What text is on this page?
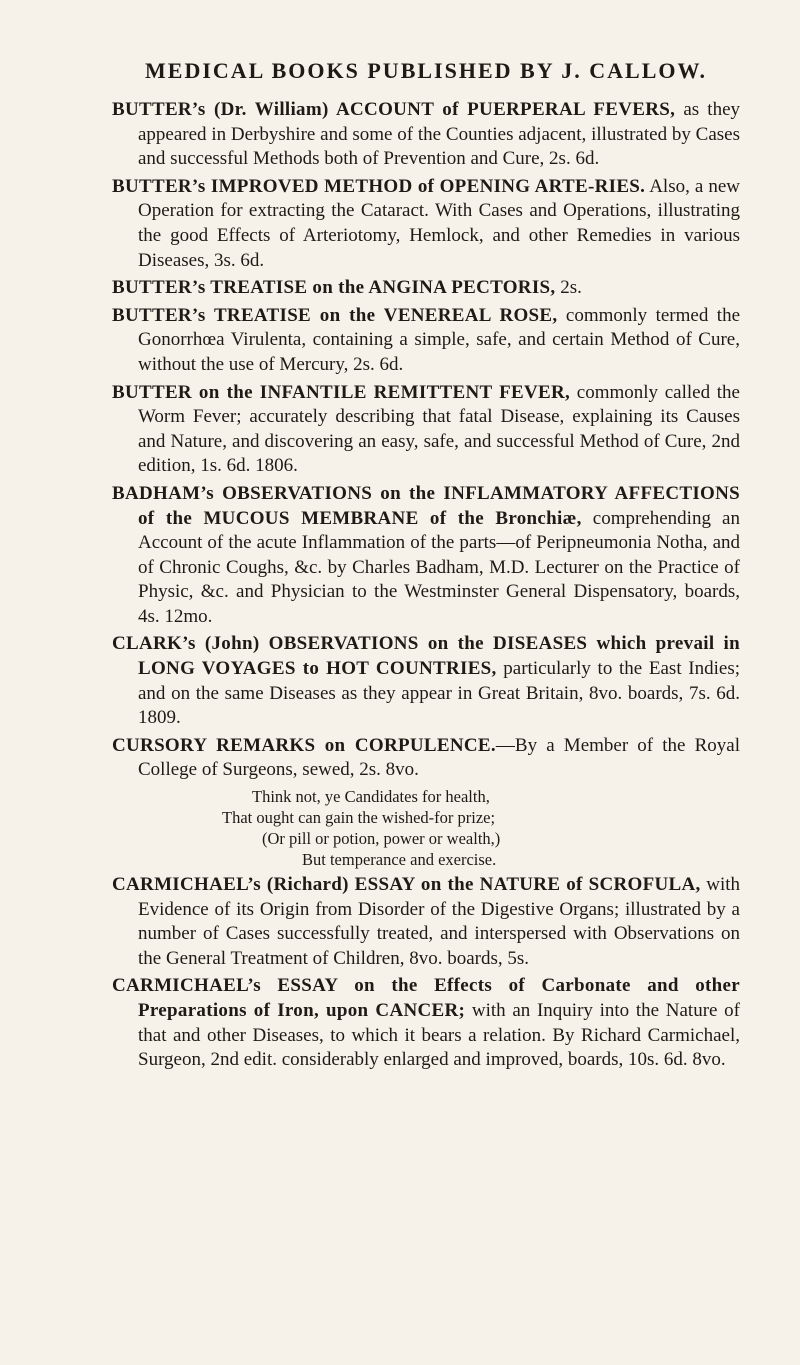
MEDICAL BOOKS PUBLISHED BY J. CALLOW.

BUTTER’s (Dr. William) ACCOUNT of PUERPERAL FEVERS, as they appeared in Derbyshire and some of the Counties adjacent, illustrated by Cases and successful Methods both of Prevention and Cure, 2s. 6d.

BUTTER’s IMPROVED METHOD of OPENING ARTE-RIES. Also, a new Operation for extracting the Cataract. With Cases and Operations, illustrating the good Effects of Arteriotomy, Hemlock, and other Remedies in various Diseases, 3s. 6d.

BUTTER’s TREATISE on the ANGINA PECTORIS, 2s.

BUTTER’s TREATISE on the VENEREAL ROSE, commonly termed the Gonorrhœa Virulenta, containing a simple, safe, and certain Method of Cure, without the use of Mercury, 2s. 6d.

BUTTER on the INFANTILE REMITTENT FEVER, commonly called the Worm Fever; accurately describing that fatal Disease, explaining its Causes and Nature, and discovering an easy, safe, and successful Method of Cure, 2nd edition, 1s. 6d. 1806.

BADHAM’s OBSERVATIONS on the INFLAMMATORY AFFECTIONS of the MUCOUS MEMBRANE of the Bronchiæ, comprehending an Account of the acute Inflammation of the parts—of Peripneumonia Notha, and of Chronic Coughs, &c. by Charles Badham, M.D. Lecturer on the Practice of Physic, &c. and Physician to the Westminster General Dispensatory, boards, 4s. 12mo.

CLARK’s (John) OBSERVATIONS on the DISEASES which prevail in LONG VOYAGES to HOT COUNTRIES, particularly to the East Indies; and on the same Diseases as they appear in Great Britain, 8vo. boards, 7s. 6d. 1809.

CURSORY REMARKS on CORPULENCE.—By a Member of the Royal College of Surgeons, sewed, 2s. 8vo.

Think not, ye Candidates for health,
That ought can gain the wished-for prize;
(Or pill or potion, power or wealth,)
But temperance and exercise.

CARMICHAEL’s (Richard) ESSAY on the NATURE of SCROFULA, with Evidence of its Origin from Disorder of the Digestive Organs; illustrated by a number of Cases successfully treated, and interspersed with Observations on the General Treatment of Children, 8vo. boards, 5s.

CARMICHAEL’s ESSAY on the Effects of Carbonate and other Preparations of Iron, upon CANCER; with an Inquiry into the Nature of that and other Diseases, to which it bears a relation. By Richard Carmichael, Surgeon, 2nd edit. considerably enlarged and improved, boards, 10s. 6d. 8vo.
